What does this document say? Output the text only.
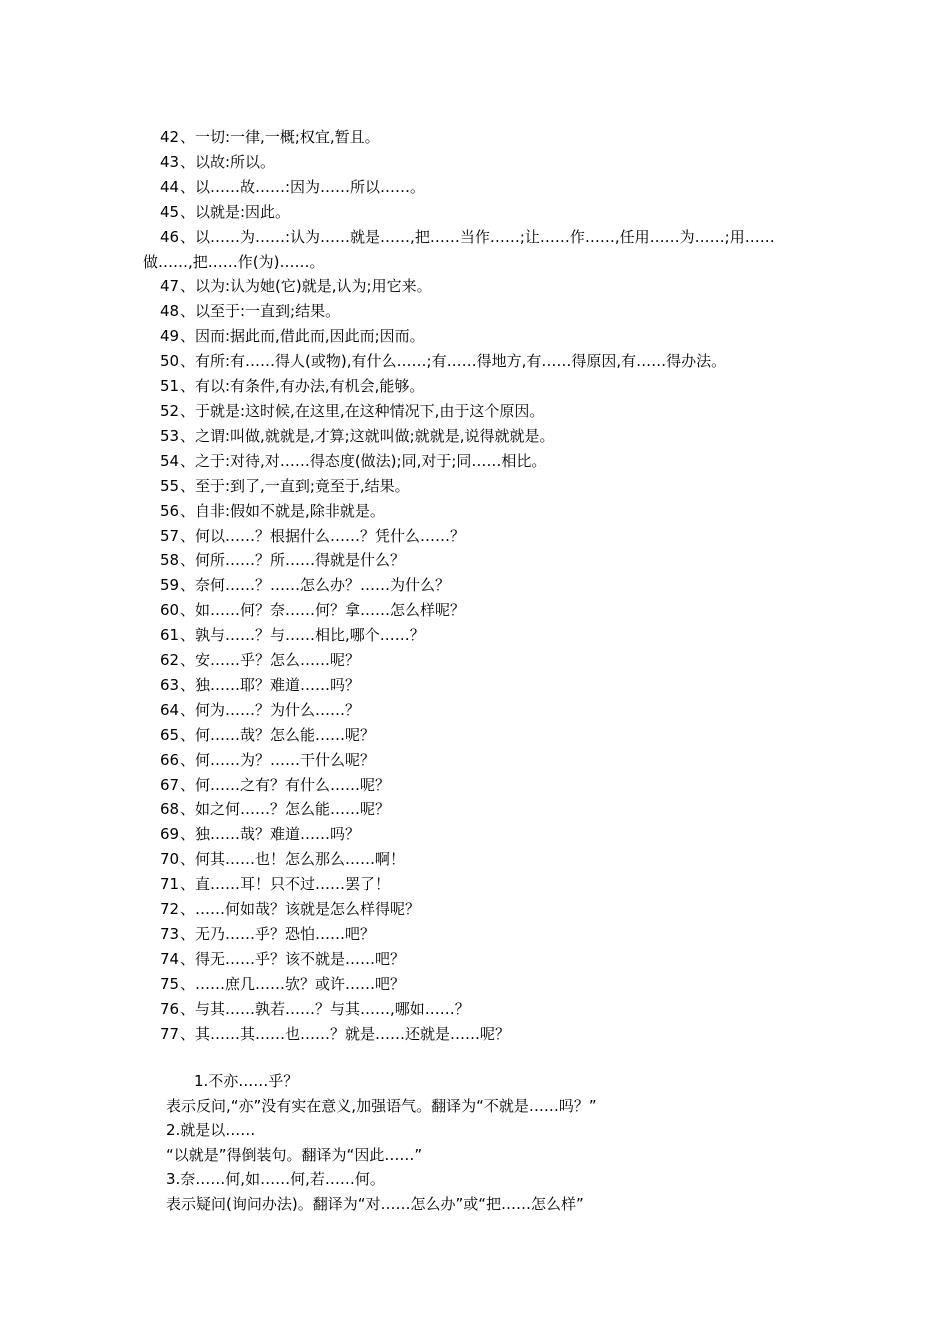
42、一切:一律,一概;权宜,暂且。
43、以故:所以。
44、以……故……:因为……所以……。
45、以就是:因此。
46、以……为……:认为……就是……,把……当作……;让……作……,任用……为……;用……做……,把……作(为)……。
47、以为:认为她(它)就是,认为;用它来。
48、以至于:一直到;结果。
49、因而:据此而,借此而,因此而;因而。
50、有所:有……得人(或物),有什么……;有……得地方,有……得原因,有……得办法。
51、有以:有条件,有办法,有机会,能够。
52、于就是:这时候,在这里,在这种情况下,由于这个原因。
53、之谓:叫做,就就是,才算;这就叫做;就就是,说得就就是。
54、之于:对待,对……得态度(做法);同,对于;同……相比。
55、至于:到了,一直到;竟至于,结果。
56、自非:假如不就是,除非就是。
57、何以……？根据什么……？凭什么……？
58、何所……？所……得就是什么？
59、奈何……？……怎么办？……为什么？
60、如……何？奈……何？拿……怎么样呢？
61、孰与……？与……相比,哪个……？
62、安……乎？怎么……呢？
63、独……耶？难道……吗？
64、何为……？为什么……？
65、何……哉？怎么能……呢？
66、何……为？……干什么呢？
67、何……之有？有什么……呢？
68、如之何……？怎么能……呢？
69、独……哉？难道……吗？
70、何其……也！怎么那么……啊！
71、直……耳！只不过……罢了！
72、……何如哉？该就是怎么样得呢？
73、无乃……乎？恐怕……吧？
74、得无……乎？该不就是……吧？
75、……庶几……欤？或许……吧？
76、与其……孰若……？与其……,哪如……？
77、其……其……也……？就是……还就是……呢？
1.不亦……乎？
表示反问,“亦”没有实在意义,加强语气。翻译为“不就是……吗？”
2.就是以……
“以就是”得倒装句。翻译为“因此……”
3.奈……何,如……何,若……何。
表示疑问(询问办法)。翻译为“对……怎么办”或“把……怎么样”
